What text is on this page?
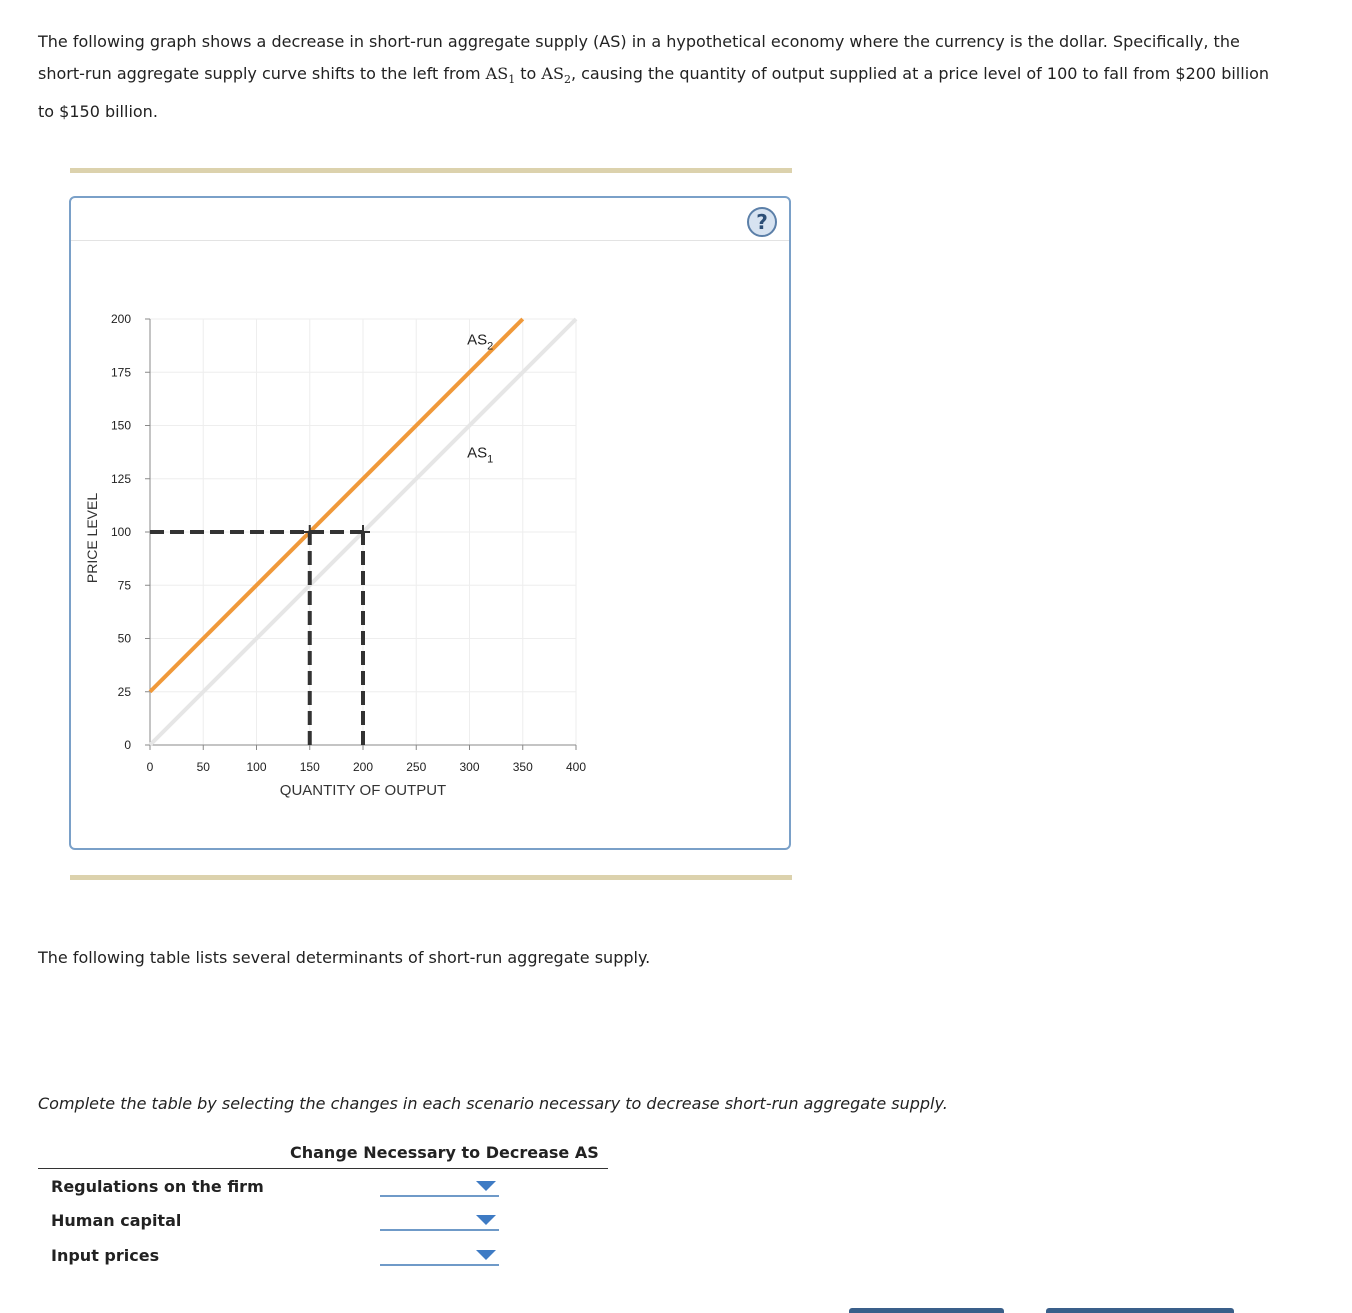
The following graph shows a decrease in short-run aggregate supply (AS) in a hypothetical economy where the currency is the dollar. Specifically, the short-run aggregate supply curve shifts to the left from $AS_1$ to $AS_2$, causing the quantity of output supplied at a price level of 100 to fall from $200 billion to $150 billion.
?
0
25
50
75
100
125
150
175
200
0	50	100	150	200	250	300	350	400
QUANTITY OF OUTPUT
PRICE LEVEL
$AS_1$
$AS_2$
The following table lists several determinants of short-run aggregate supply.
Complete the table by selecting the changes in each scenario necessary to decrease short-run aggregate supply.
Change Necessary to Decrease AS
Regulations on the firm
Human capital
Input prices
